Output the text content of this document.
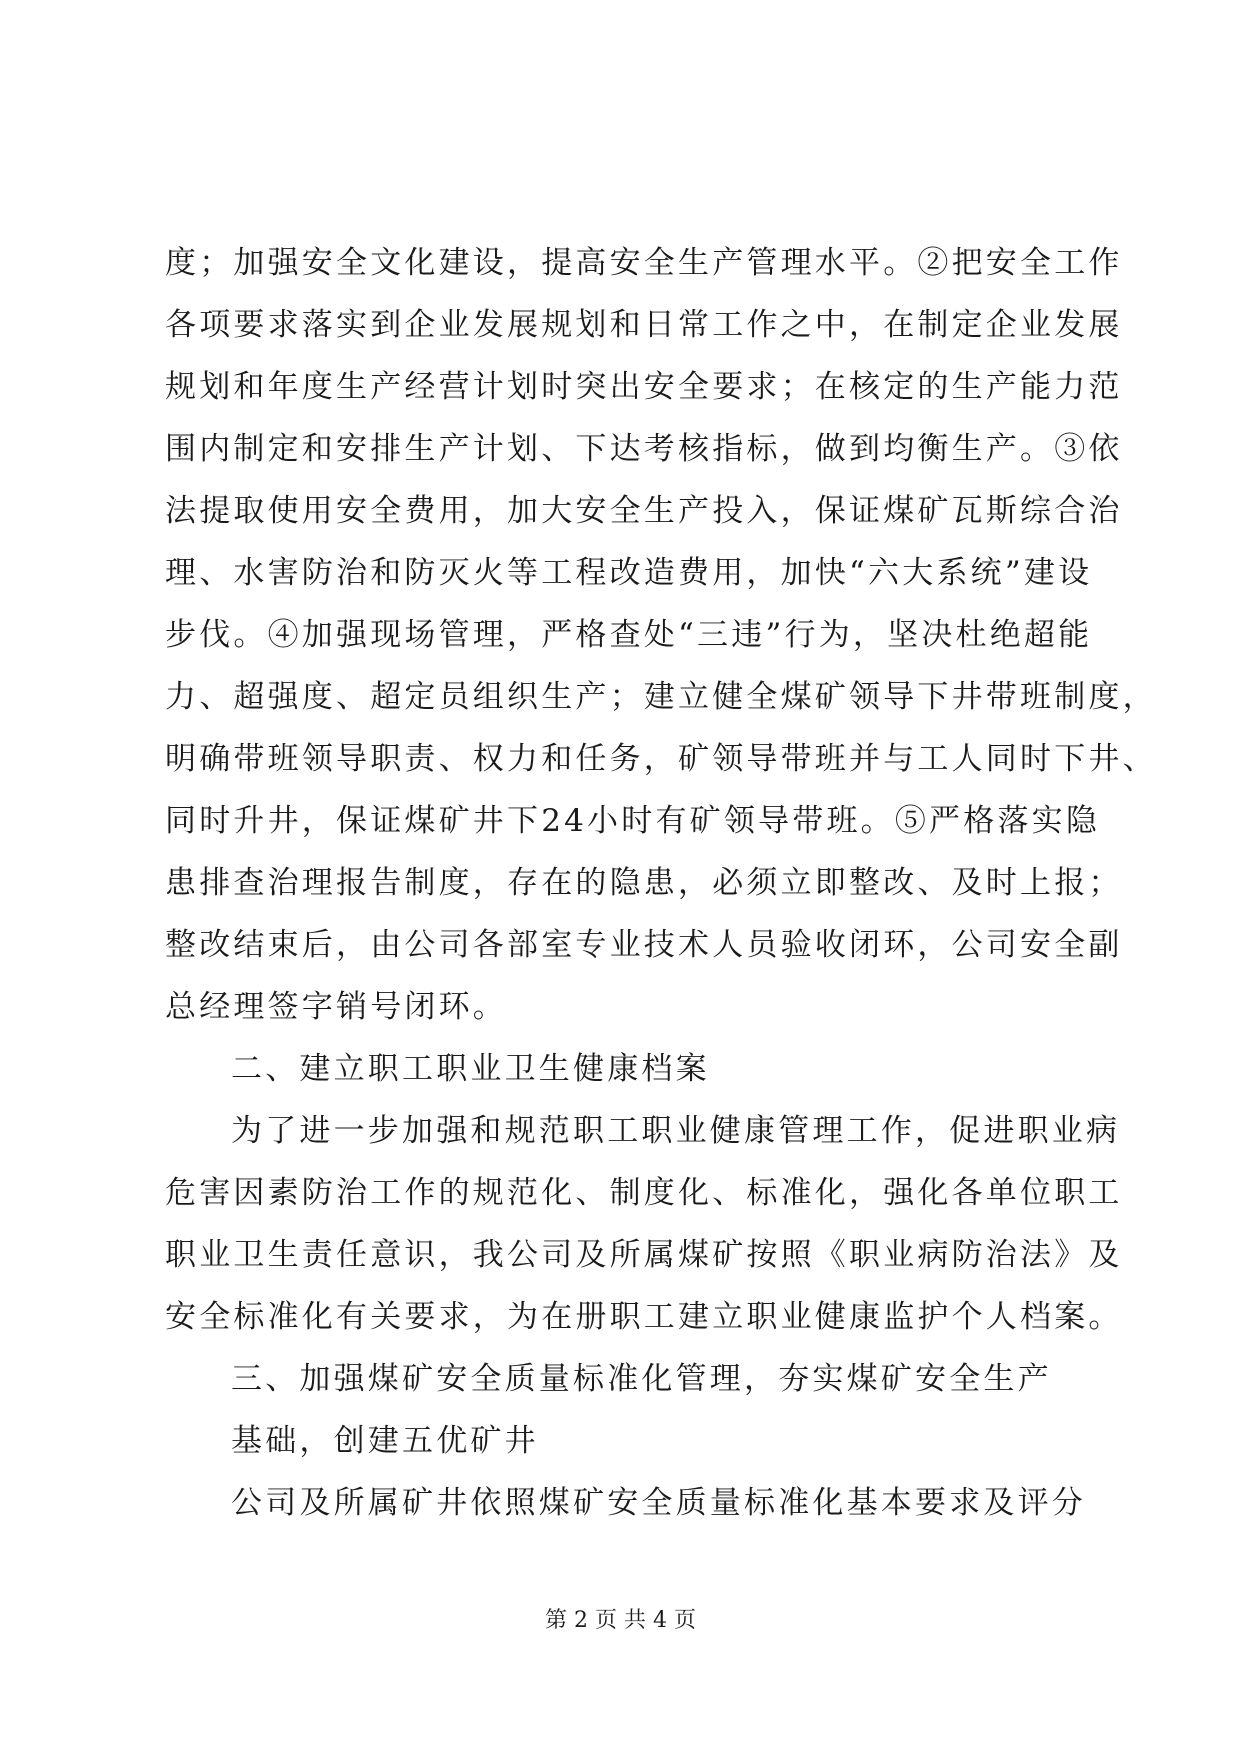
度；加强安全文化建设，提高安全生产管理水平。②把安全工作
各项要求落实到企业发展规划和日常工作之中，在制定企业发展
规划和年度生产经营计划时突出安全要求；在核定的生产能力范
围内制定和安排生产计划、下达考核指标，做到均衡生产。③依
法提取使用安全费用，加大安全生产投入，保证煤矿瓦斯综合治
理、水害防治和防灭火等工程改造费用，加快“六大系统”建设
步伐。④加强现场管理，严格查处“三违”行为，坚决杜绝超能
力、超强度、超定员组织生产；建立健全煤矿领导下井带班制度，
明确带班领导职责、权力和任务，矿领导带班并与工人同时下井、
同时升井，保证煤矿井下24小时有矿领导带班。⑤严格落实隐
患排查治理报告制度，存在的隐患，必须立即整改、及时上报；
整改结束后，由公司各部室专业技术人员验收闭环，公司安全副
总经理签字销号闭环。
二、建立职工职业卫生健康档案
为了进一步加强和规范职工职业健康管理工作，促进职业病
危害因素防治工作的规范化、制度化、标准化，强化各单位职工
职业卫生责任意识，我公司及所属煤矿按照《职业病防治法》及
安全标准化有关要求，为在册职工建立职业健康监护个人档案。
三、加强煤矿安全质量标准化管理，夯实煤矿安全生产
基础，创建五优矿井
公司及所属矿井依照煤矿安全质量标准化基本要求及评分
第 2 页 共 4 页
